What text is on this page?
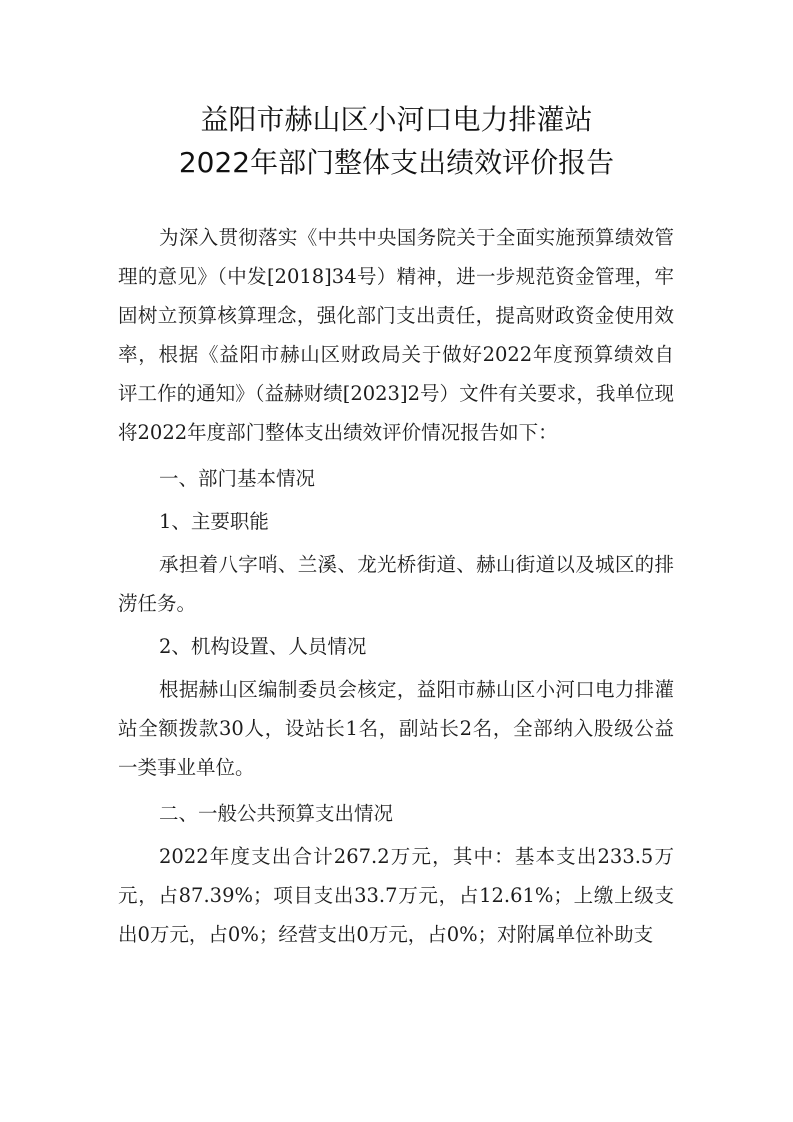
益阳市赫山区小河口电力排灌站
2022年部门整体支出绩效评价报告

为深入贯彻落实《中共中央国务院关于全面实施预算绩效管理的意见》（中发[2018]34号）精神，进一步规范资金管理，牢固树立预算核算理念，强化部门支出责任，提高财政资金使用效率，根据《益阳市赫山区财政局关于做好2022年度预算绩效自评工作的通知》（益赫财绩[2023]2号）文件有关要求，我单位现将2022年度部门整体支出绩效评价情况报告如下：

一、部门基本情况

1、主要职能

承担着八字哨、兰溪、龙光桥街道、赫山街道以及城区的排涝任务。

2、机构设置、人员情况

根据赫山区编制委员会核定，益阳市赫山区小河口电力排灌站全额拨款30人，设站长1名，副站长2名，全部纳入股级公益一类事业单位。

二、一般公共预算支出情况

2022年度支出合计267.2万元，其中：基本支出233.5万元，占87.39%；项目支出33.7万元，占12.61%；上缴上级支出0万元，占0%；经营支出0万元，占0%；对附属单位补助支
